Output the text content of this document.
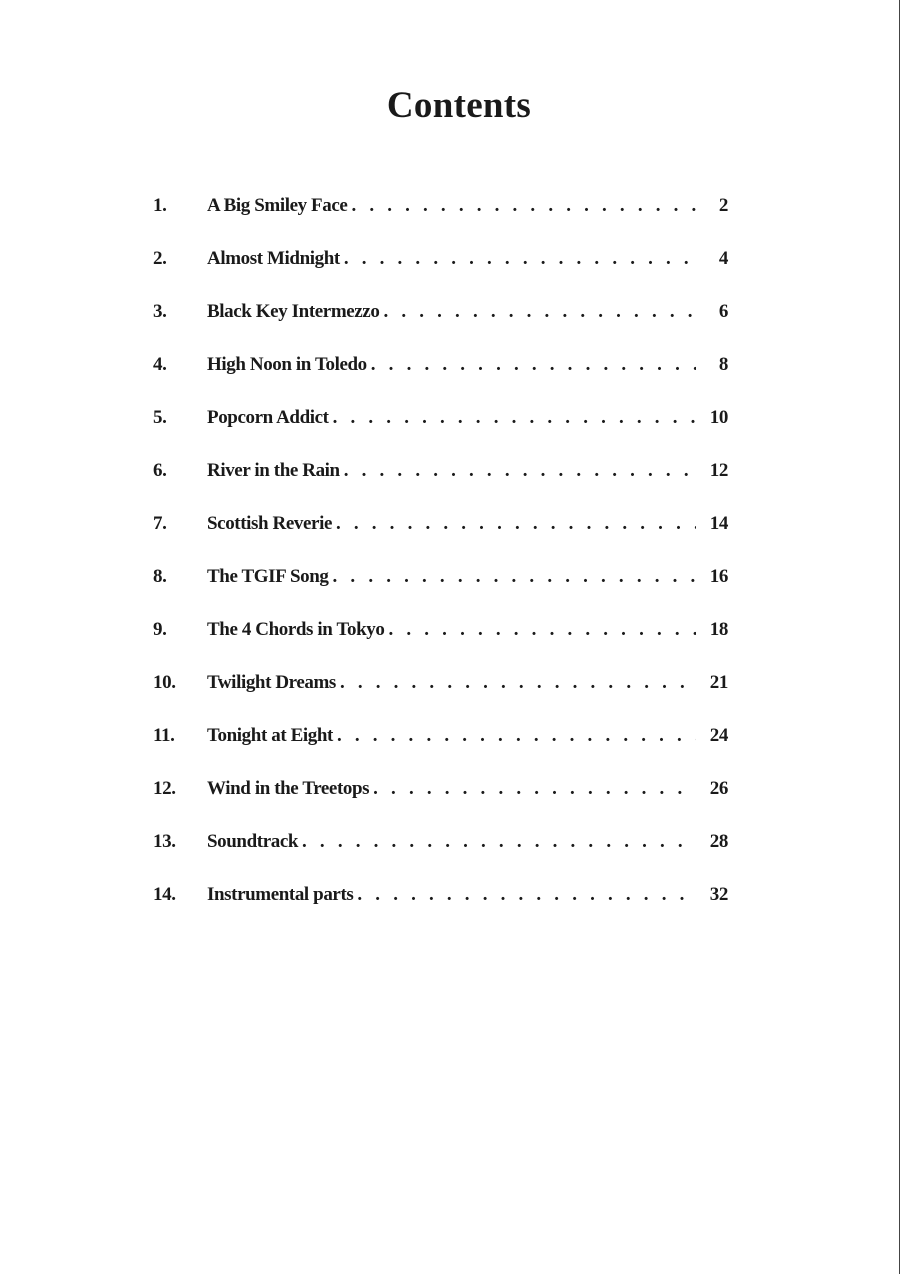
Contents
1.	A Big Smiley Face . . .	2
2.	Almost Midnight . . .	4
3.	Black Key Intermezzo . . .	6
4.	High Noon in Toledo . . .	8
5.	Popcorn Addict . . .	10
6.	River in the Rain . . .	12
7.	Scottish Reverie . . .	14
8.	The TGIF Song . . .	16
9.	The 4 Chords in Tokyo . . .	18
10.	Twilight Dreams . . .	21
11.	Tonight at Eight . . .	24
12.	Wind in the Treetops . . .	26
13.	Soundtrack . . .	28
14.	Instrumental parts . . .	32
